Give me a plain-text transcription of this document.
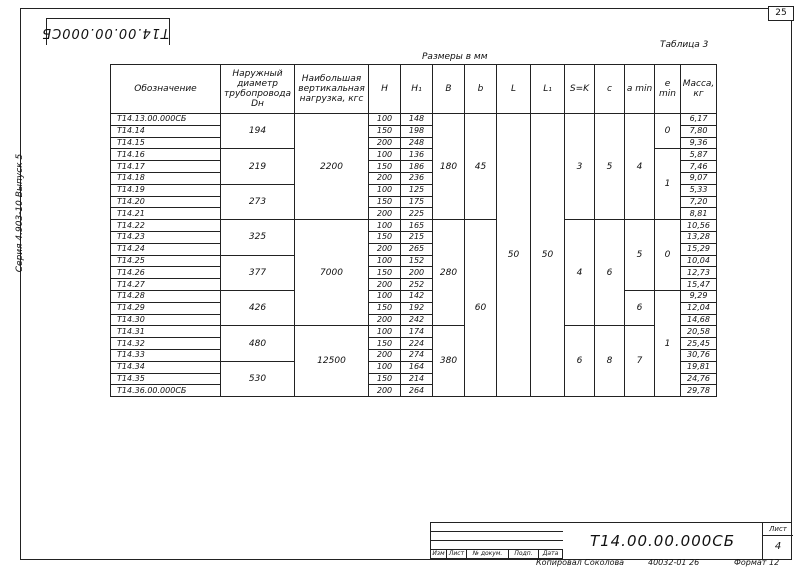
25
Т14.00.00.000СБ
Серия 4.903-10 Выпуск 5
Размеры в мм
Таблица 3
Обозначение	Наружный диаметр трубопровода Dн	Наибольшая вертикальная нагрузка, кгс	H	H₁	B	b	L	L₁	S=K	c	a min	e min	Масса, кг
Т14.13.00.000СБ	194	2200	100	148	180	45	50	50	3	5	4	0	6,17
Т14.14			150	198									7,80
Т14.15			200	248									9,36
Т14.16	219		100	136								1	5,87
Т14.17			150	186									7,46
Т14.18			200	236									9,07
Т14.19	273		100	125									5,33
Т14.20			150	175									7,20
Т14.21			200	225									8,81
Т14.22	325	7000	100	165	280	60			4	6	5	0	10,56
Т14.23			150	215									13,28
Т14.24			200	265									15,29
Т14.25	377		100	152									10,04
Т14.26			150	200									12,73
Т14.27			200	252									15,47
Т14.28	426		100	142							6	1	9,29
Т14.29			150	192									12,04
Т14.30			200	242									14,68
Т14.31	480	12500	100	174	380				6	8	7		20,58
Т14.32			150	224									25,45
Т14.33			200	274									30,76
Т14.34	530		100	164									19,81
Т14.35			150	214									24,76
Т14.36.00.000СБ			200	264									29,78
Изм Лист	№ докум.	Подп.	Дата
Т14.00.00.000СБ
Лист
4
Копировал Соколова	40032-01 26	Формат 12
